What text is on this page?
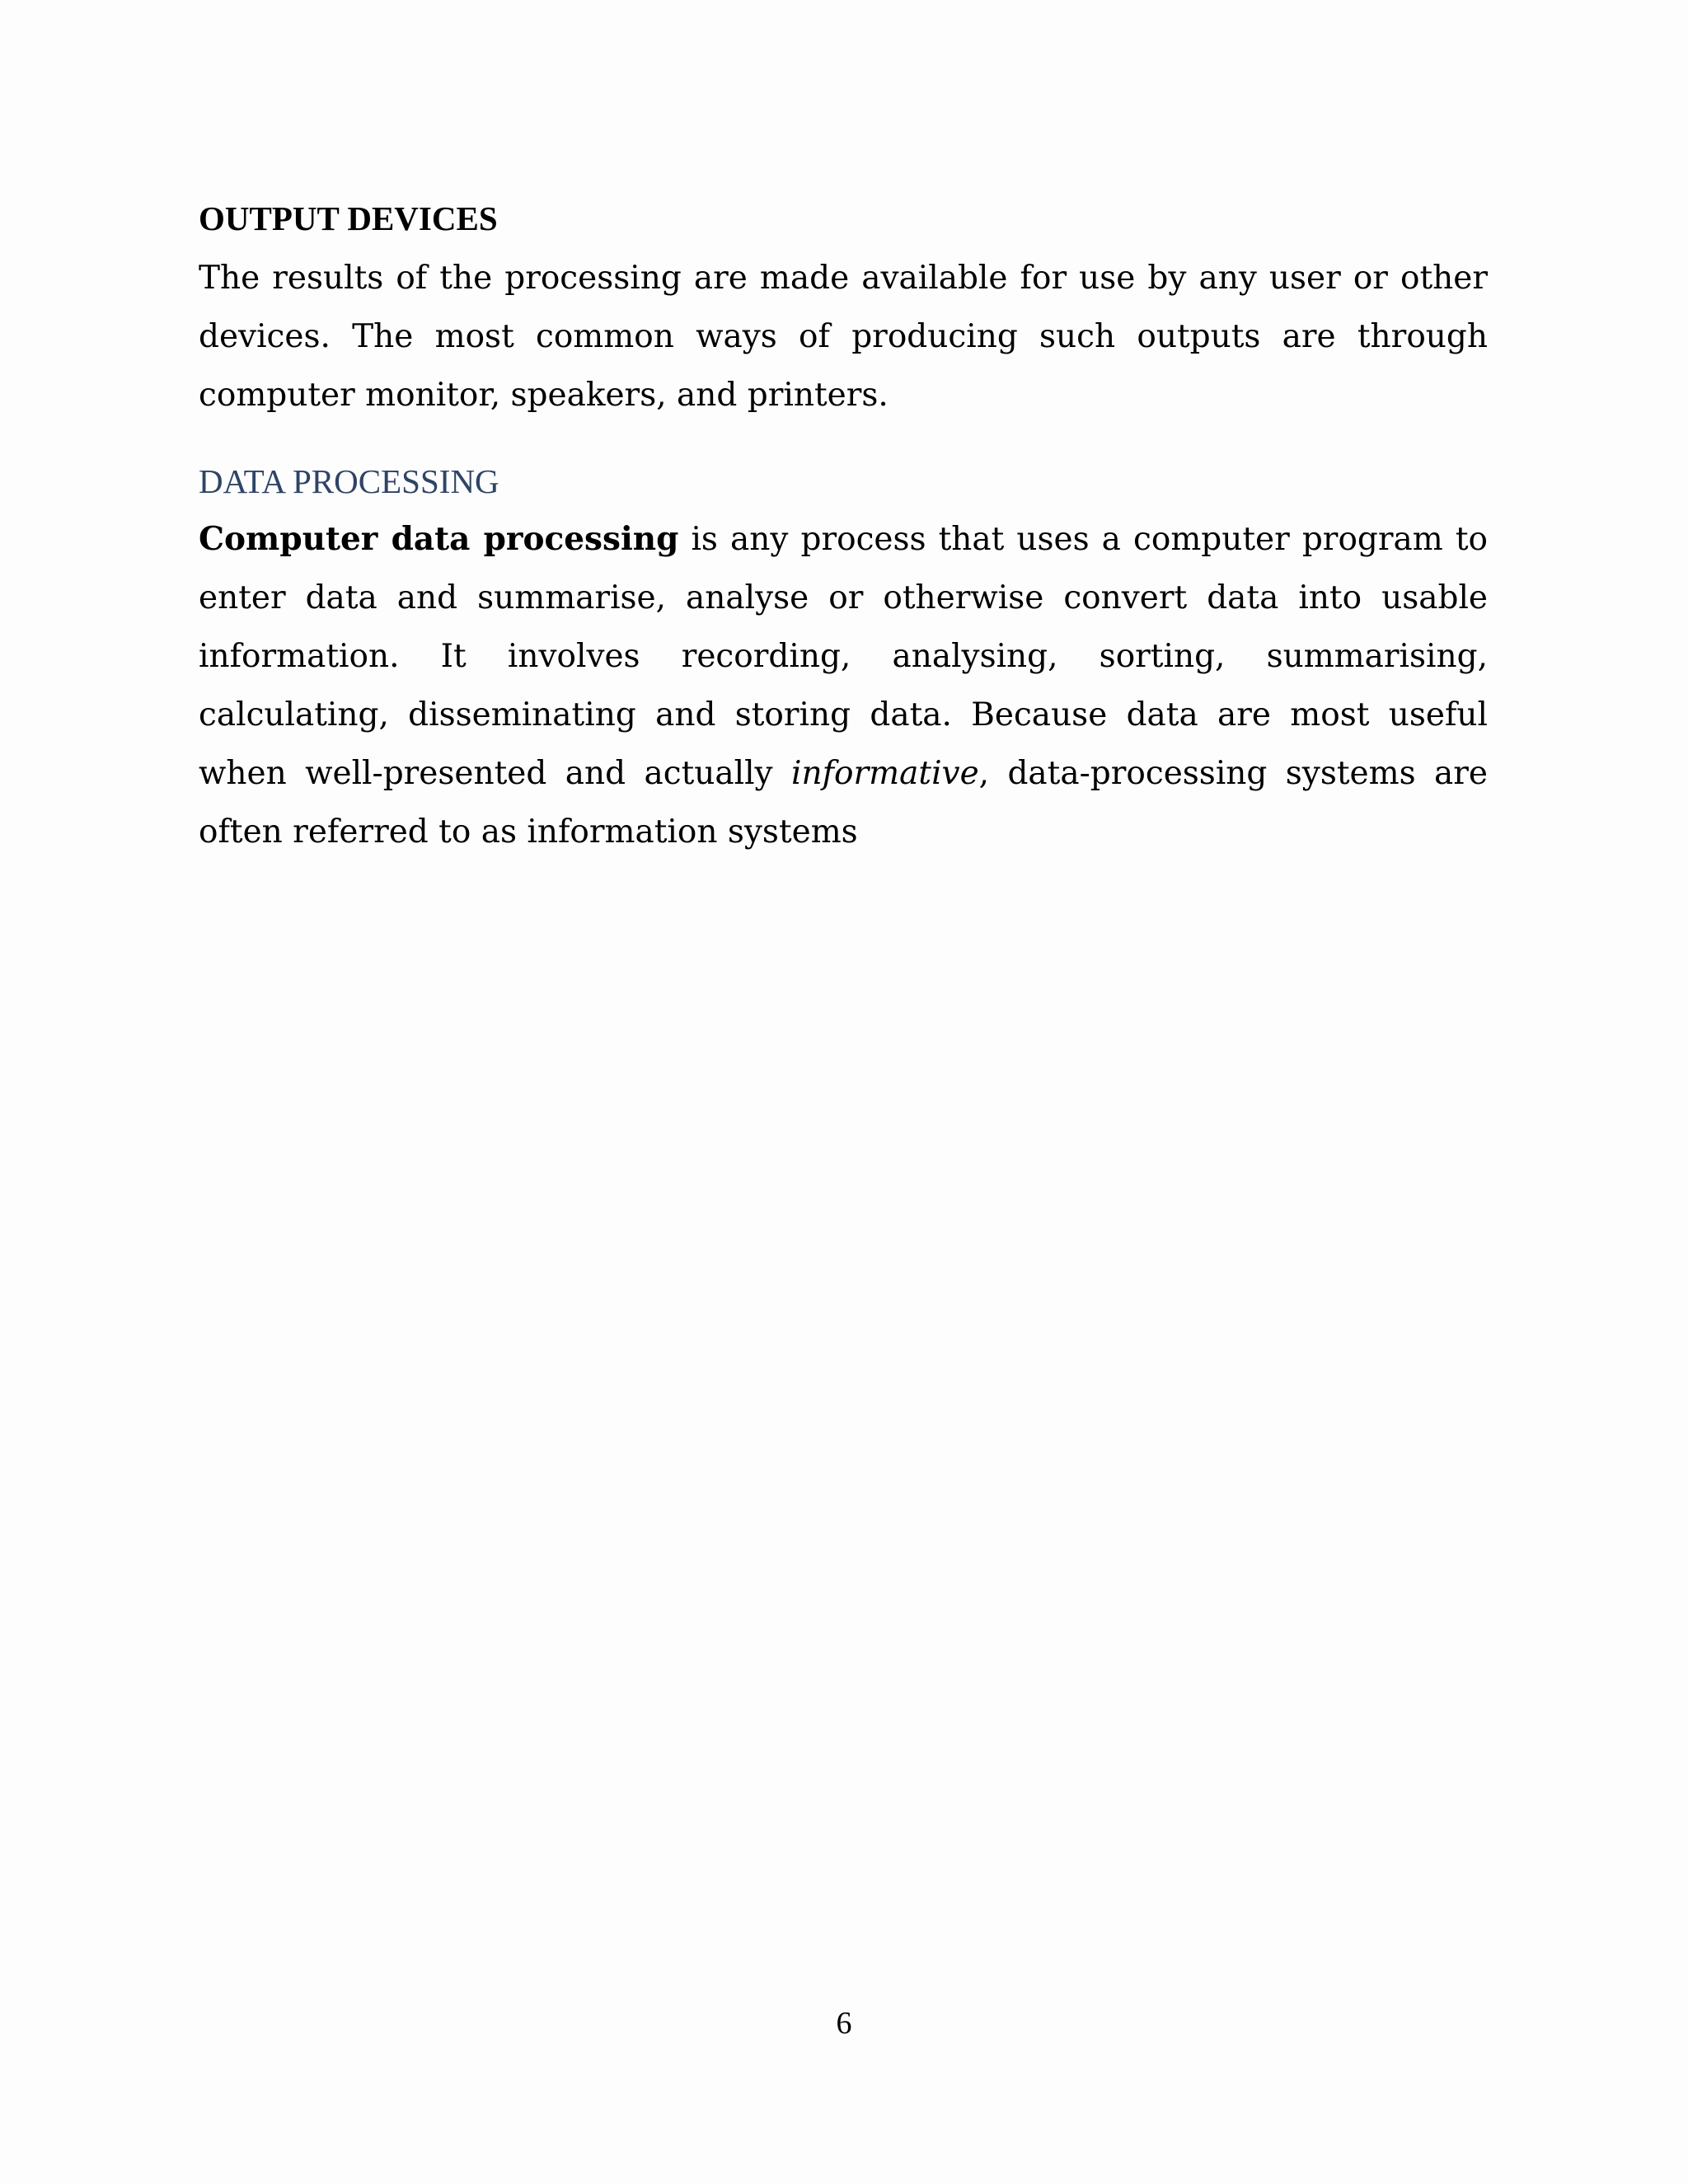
OUTPUT DEVICES

The results of the processing are made available for use by any user or other devices. The most common ways of producing such outputs are through computer monitor, speakers, and printers.

DATA PROCESSING

Computer data processing is any process that uses a computer program to enter data and summarise, analyse or otherwise convert data into usable information. It involves recording, analysing, sorting, summarising, calculating, disseminating and storing data. Because data are most useful when well-presented and actually informative, data-processing systems are often referred to as information systems

6
